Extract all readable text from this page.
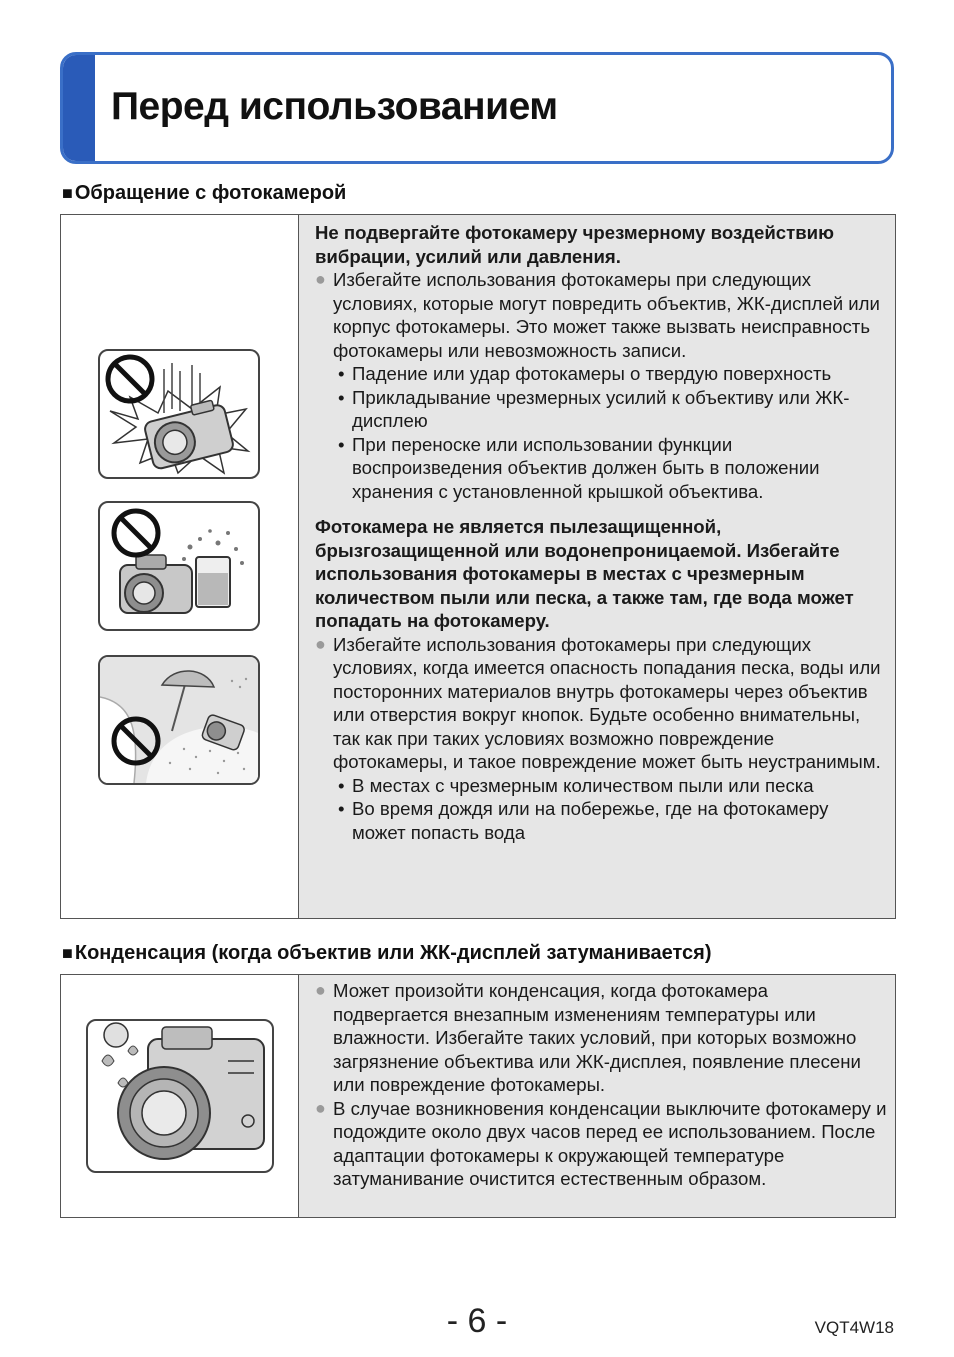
Перед использованием
■ Обращение с фотокамерой
Не подвергайте фотокамеру чрезмерному воздействию вибрации, усилий или давления.
● Избегайте использования фотокамеры при следующих условиях, которые могут повредить объектив, ЖК-дисплей или корпус фотокамеры. Это может также вызвать неисправность фотокамеры или невозможность записи.
• Падение или удар фотокамеры о твердую поверхность
• Прикладывание чрезмерных усилий к объективу или ЖК-дисплею
• При переноске или использовании функции воспроизведения объектив должен быть в положении хранения с установленной крышкой объектива.
Фотокамера не является пылезащищенной, брызгозащищенной или водонепроницаемой. Избегайте использования фотокамеры в местах с чрезмерным количеством пыли или песка, а также там, где вода может попадать на фотокамеру.
● Избегайте использования фотокамеры при следующих условиях, когда имеется опасность попадания песка, воды или посторонних материалов внутрь фотокамеры через объектив или отверстия вокруг кнопок. Будьте особенно внимательны, так как при таких условиях возможно повреждение фотокамеры, и такое повреждение может быть неустранимым.
• В местах с чрезмерным количеством пыли или песка
• Во время дождя или на побережье, где на фотокамеру может попасть вода
■ Конденсация (когда объектив или ЖК-дисплей затуманивается)
● Может произойти конденсация, когда фотокамера подвергается внезапным изменениям температуры или влажности. Избегайте таких условий, при которых возможно загрязнение объектива или ЖК-дисплея, появление плесени или повреждение фотокамеры.
● В случае возникновения конденсации выключите фотокамеру и подождите около двух часов перед ее использованием. После адаптации фотокамеры к окружающей температуре затуманивание очистится естественным образом.
- 6 -	VQT4W18
